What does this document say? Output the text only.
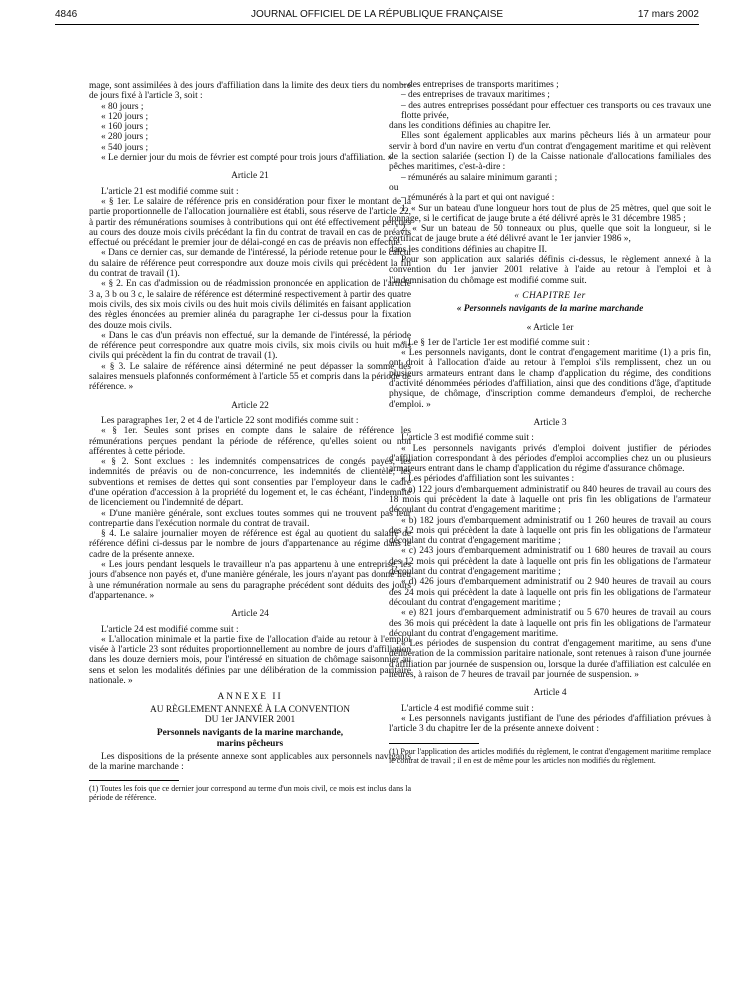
4846	JOURNAL OFFICIEL DE LA RÉPUBLIQUE FRANÇAISE	17 mars 2002

mage, sont assimilées à des jours d'affiliation dans la limite des deux tiers du nombre de jours fixé à l'article 3, soit :

« 80 jours ;

« 120 jours ;

« 160 jours ;

« 280 jours ;

« 540 jours ;

« Le dernier jour du mois de février est compté pour trois jours d'affiliation. »

Article 21

L'article 21 est modifié comme suit :

« § 1er. Le salaire de référence pris en considération pour fixer le montant de la partie proportionnelle de l'allocation journalière est établi, sous réserve de l'article 22, à partir des rémunérations soumises à contributions qui ont été effectivement perçues au cours des douze mois civils précédant la fin du contrat de travail en cas de préavis effectué ou précédant le premier jour de délai-congé en cas de préavis non effectué.

« Dans ce dernier cas, sur demande de l'intéressé, la période retenue pour le calcul du salaire de référence peut correspondre aux douze mois civils qui précèdent la fin du contrat de travail (1).

« § 2. En cas d'admission ou de réadmission prononcée en application de l'article 3 a, 3 b ou 3 c, le salaire de référence est déterminé respectivement à partir des quatre mois civils, des six mois civils ou des huit mois civils délimités en faisant application des règles énoncées au premier alinéa du paragraphe 1er ci-dessus pour la fixation des douze mois civils.

« Dans le cas d'un préavis non effectué, sur la demande de l'intéressé, la période de référence peut correspondre aux quatre mois civils, six mois civils ou huit mois civils qui précèdent la fin du contrat de travail (1).

« § 3. Le salaire de référence ainsi déterminé ne peut dépasser la somme des salaires mensuels plafonnés conformément à l'article 55 et compris dans la période de référence. »

Article 22

Les paragraphes 1er, 2 et 4 de l'article 22 sont modifiés comme suit :

« § 1er. Seules sont prises en compte dans le salaire de référence les rémunérations perçues pendant la période de référence, qu'elles soient ou non afférentes à cette période.

« § 2. Sont exclues : les indemnités compensatrices de congés payés, les indemnités de préavis ou de non-concurrence, les indemnités de clientèle, les subventions et remises de dettes qui sont consenties par l'employeur dans le cadre d'une opération d'accession à la propriété du logement et, le cas échéant, l'indemnité de licenciement ou l'indemnité de départ.

« D'une manière générale, sont exclues toutes sommes qui ne trouvent pas leur contrepartie dans l'exécution normale du contrat de travail.

§ 4. Le salaire journalier moyen de référence est égal au quotient du salaire de référence défini ci-dessus par le nombre de jours d'appartenance au régime dans le cadre de la présente annexe.

« Les jours pendant lesquels le travailleur n'a pas appartenu à une entreprise, les jours d'absence non payés et, d'une manière générale, les jours n'ayant pas donné lieu à une rémunération normale au sens du paragraphe précédent sont déduits des jours d'appartenance. »

Article 24

L'article 24 est modifié comme suit :

« L'allocation minimale et la partie fixe de l'allocation d'aide au retour à l'emploi visée à l'article 23 sont réduites proportionnellement au nombre de jours d'affiliation dans les douze derniers mois, pour l'intéressé en situation de chômage saisonnier au sens et selon les modalités définies par une délibération de la commission paritaire nationale. »

ANNEXE II

AU RÈGLEMENT ANNEXÉ À LA CONVENTION

DU 1er JANVIER 2001

Personnels navigants de la marine marchande,

marins pêcheurs

Les dispositions de la présente annexe sont applicables aux personnels navigants de la marine marchande :

(1) Toutes les fois que ce dernier jour correspond au terme d'un mois civil, ce mois est inclus dans la période de référence.

– des entreprises de transports maritimes ;

– des entreprises de travaux maritimes ;

– des autres entreprises possédant pour effectuer ces transports ou ces travaux une flotte privée,

dans les conditions définies au chapitre Ier.

Elles sont également applicables aux marins pêcheurs liés à un armateur pour servir à bord d'un navire en vertu d'un contrat d'engagement maritime et qui relèvent de la section salariée (section I) de la Caisse nationale d'allocations familiales des pêches maritimes, c'est-à-dire :

– rémunérés au salaire minimum garanti ;

ou

– rémunérés à la part et qui ont navigué :

1. « Sur un bateau d'une longueur hors tout de plus de 25 mètres, quel que soit le tonnage, si le certificat de jauge brute a été délivré après le 31 décembre 1985 ;

2. « Sur un bateau de 50 tonneaux ou plus, quelle que soit la longueur, si le certificat de jauge brute a été délivré avant le 1er janvier 1986 »,

dans les conditions définies au chapitre II.

Pour son application aux salariés définis ci-dessus, le règlement annexé à la convention du 1er janvier 2001 relative à l'aide au retour à l'emploi et à l'indemnisation du chômage est modifié comme suit.

« CHAPITRE Ier
« Personnels navigants de la marine marchande
« Article 1er

« Le § 1er de l'article 1er est modifié comme suit :

« Les personnels navigants, dont le contrat d'engagement maritime (1) a pris fin, ont droit à l'allocation d'aide au retour à l'emploi s'ils remplissent, chez un ou plusieurs armateurs entrant dans le champ d'application du régime, des conditions d'activité dénommées périodes d'affiliation, ainsi que des conditions d'âge, d'aptitude physique, de chômage, d'inscription comme demandeurs d'emploi, de recherche d'emploi. »

Article 3

L'article 3 est modifié comme suit :

« Les personnels navigants privés d'emploi doivent justifier de périodes d'affiliation correspondant à des périodes d'emploi accomplies chez un ou plusieurs armateurs entrant dans le champ d'application du régime d'assurance chômage.

« Les périodes d'affiliation sont les suivantes :

« a) 122 jours d'embarquement administratif ou 840 heures de travail au cours des 18 mois qui précèdent la date à laquelle ont pris fin les obligations de l'armateur découlant du contrat d'engagement maritime ;

« b) 182 jours d'embarquement administratif ou 1 260 heures de travail au cours des 12 mois qui précèdent la date à laquelle ont pris fin les obligations de l'armateur découlant du contrat d'engagement maritime ;

« c) 243 jours d'embarquement administratif ou 1 680 heures de travail au cours des 12 mois qui précèdent la date à laquelle ont pris fin les obligations de l'armateur découlant du contrat d'engagement maritime ;

« d) 426 jours d'embarquement administratif ou 2 940 heures de travail au cours des 24 mois qui précèdent la date à laquelle ont pris fin les obligations de l'armateur découlant du contrat d'engagement maritime ;

« e) 821 jours d'embarquement administratif ou 5 670 heures de travail au cours des 36 mois qui précèdent la date à laquelle ont pris fin les obligations de l'armateur découlant du contrat d'engagement maritime.

« Les périodes de suspension du contrat d'engagement maritime, au sens d'une délibération de la commission paritaire nationale, sont retenues à raison d'une journée d'affiliation par journée de suspension ou, lorsque la durée d'affiliation est calculée en heures, à raison de 7 heures de travail par journée de suspension. »

Article 4

L'article 4 est modifié comme suit :

« Les personnels navigants justifiant de l'une des périodes d'affiliation prévues à l'article 3 du chapitre Ier de la présente annexe doivent :

(1) Pour l'application des articles modifiés du règlement, le contrat d'engagement maritime remplace le contrat de travail ; il en est de même pour les articles non modifiés du règlement.
